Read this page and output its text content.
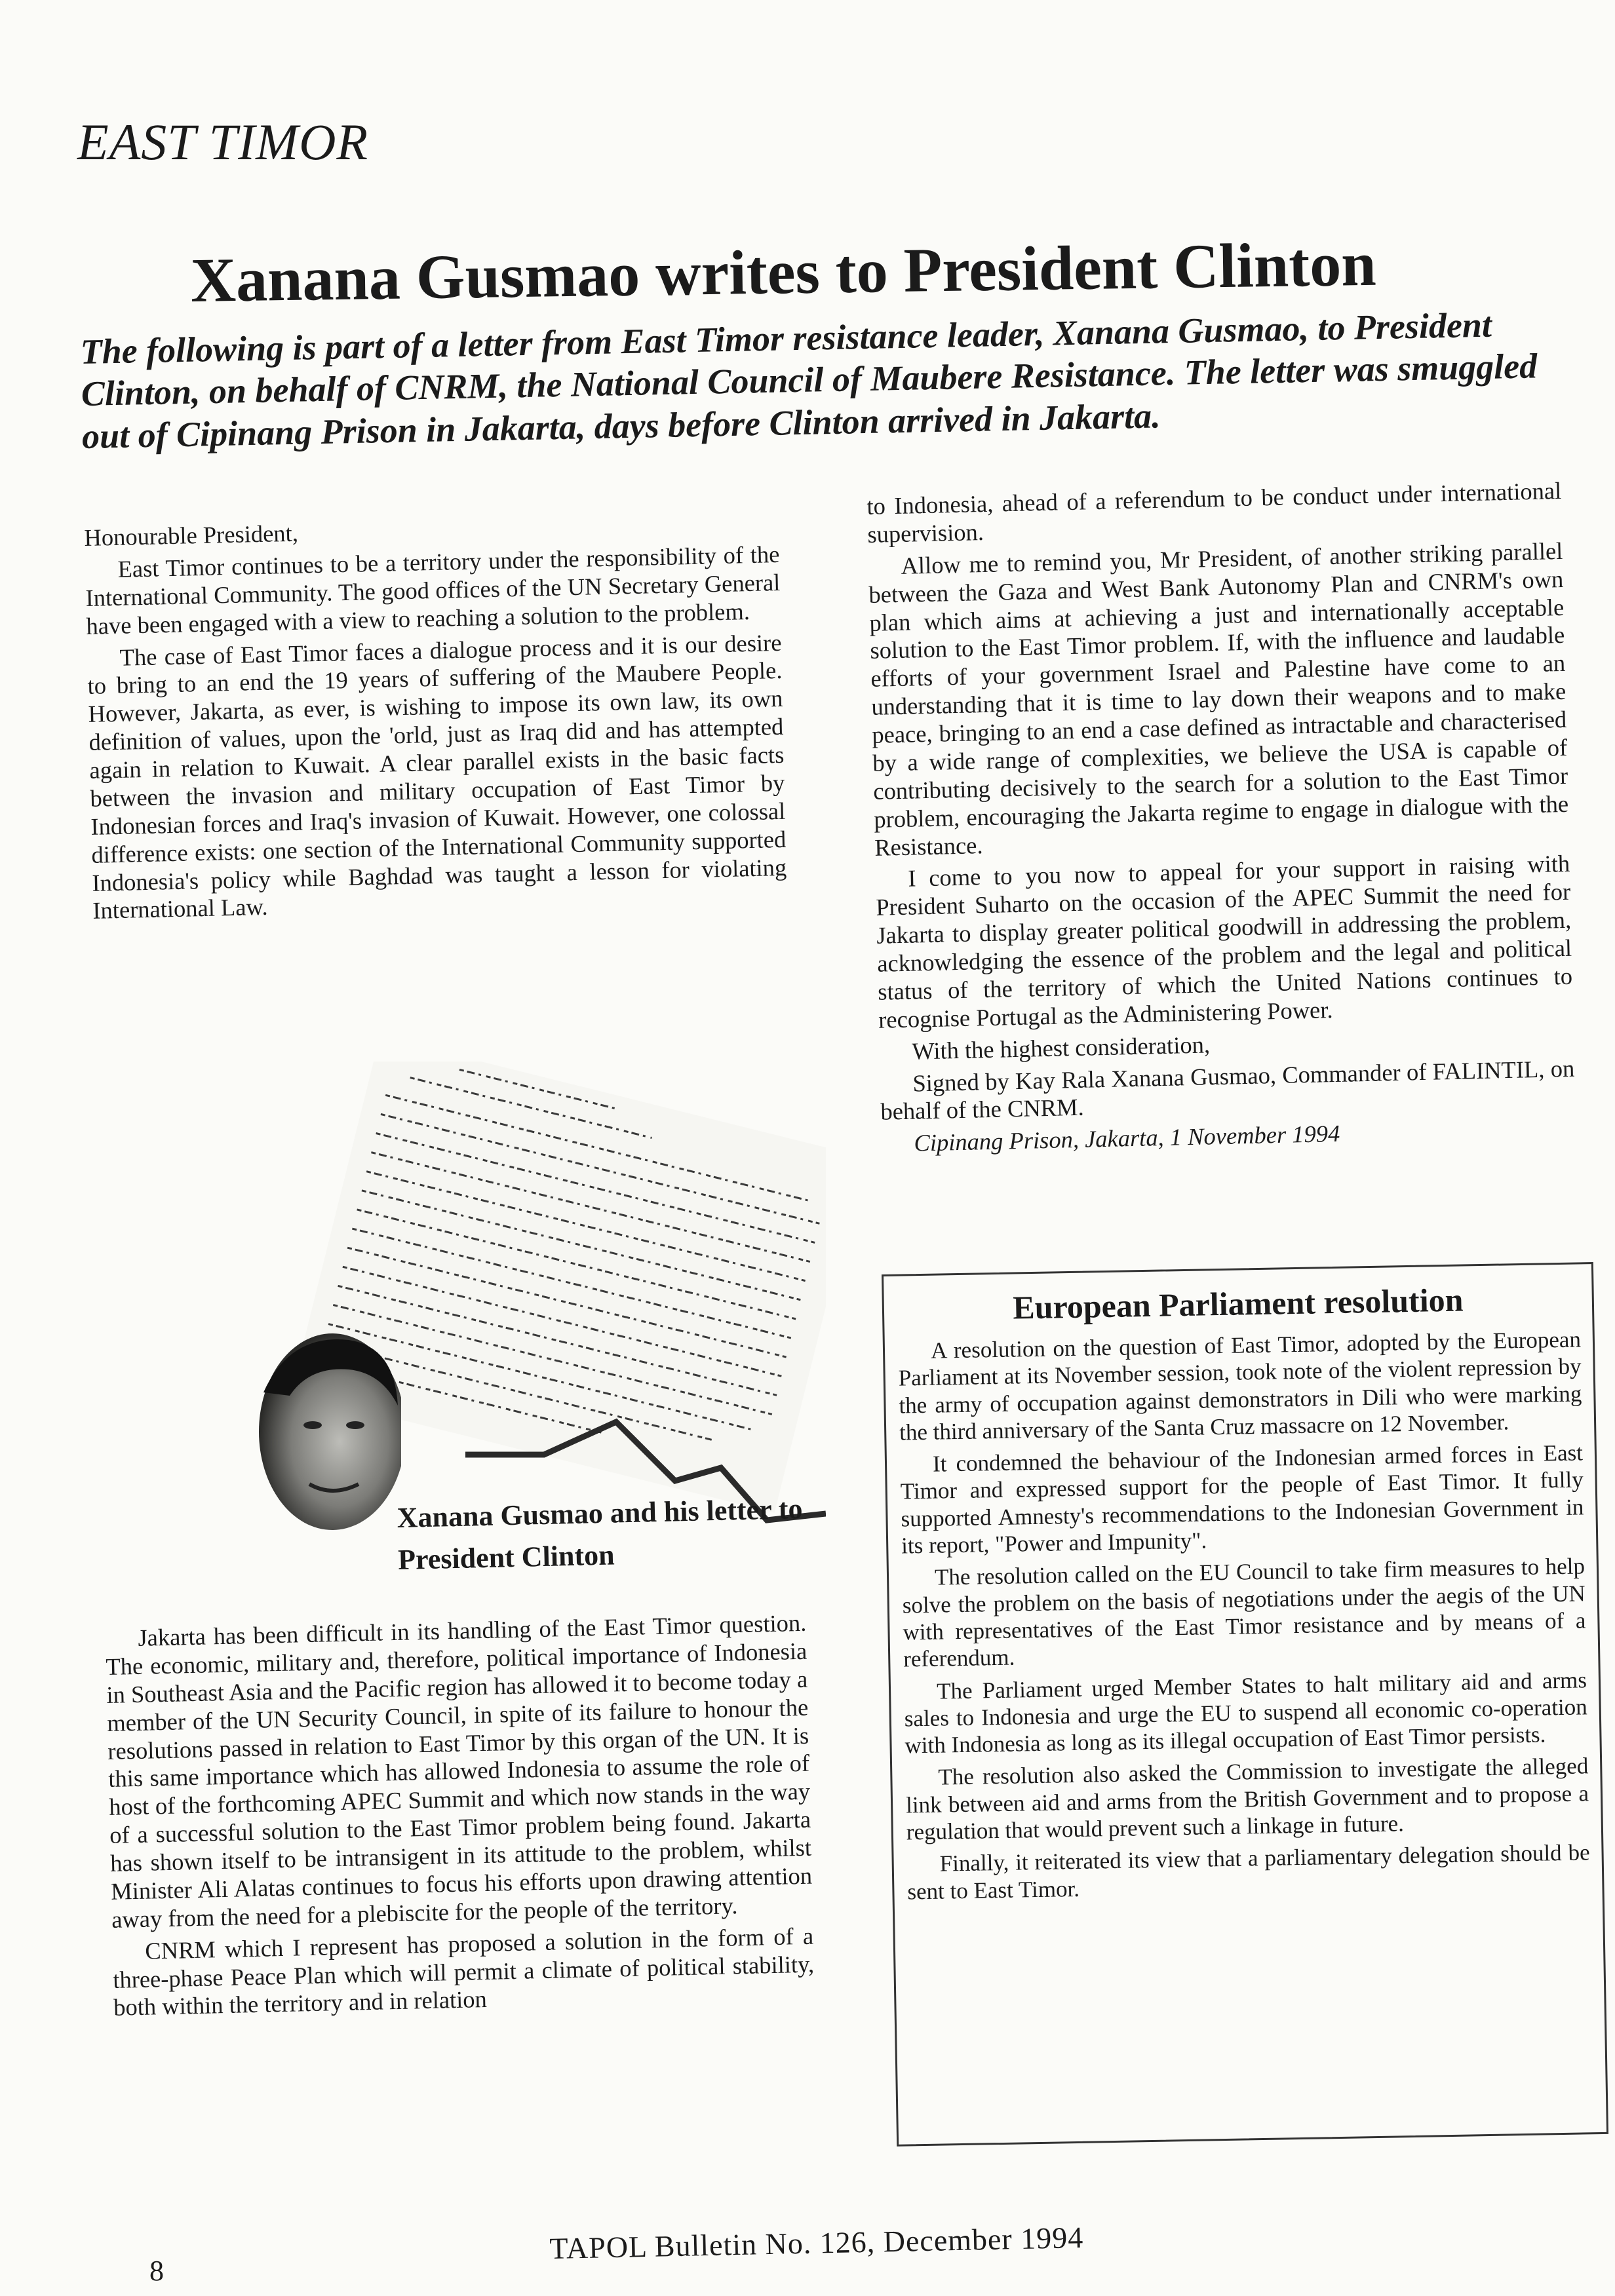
EAST TIMOR
Xanana Gusmao writes to President Clinton
The following is part of a letter from East Timor resistance leader, Xanana Gusmao, to President Clinton, on behalf of CNRM, the National Council of Maubere Resistance. The letter was smuggled out of Cipinang Prison in Jakarta, days before Clinton arrived in Jakarta.

Honourable President,

East Timor continues to be a territory under the responsibility of the International Community. The good offices of the UN Secretary General have been engaged with a view to reaching a solution to the problem.

The case of East Timor faces a dialogue process and it is our desire to bring to an end the 19 years of suffering of the Maubere People. However, Jakarta, as ever, is wishing to impose its own law, its own definition of values, upon the 'orld, just as Iraq did and has attempted again in relation to Kuwait. A clear parallel exists in the basic facts between the invasion and military occupation of East Timor by Indonesian forces and Iraq's invasion of Kuwait. However, one colossal difference exists: one section of the International Community supported Indonesia's policy while Baghdad was taught a lesson for violating International Law.

Xanana Gusmao and his letter to President Clinton

Jakarta has been difficult in its handling of the East Timor question. The economic, military and, therefore, political importance of Indonesia in Southeast Asia and the Pacific region has allowed it to become today a member of the UN Security Council, in spite of its failure to honour the resolutions passed in relation to East Timor by this organ of the UN. It is this same importance which has allowed Indonesia to assume the role of host of the forthcoming APEC Summit and which now stands in the way of a successful solution to the East Timor problem being found. Jakarta has shown itself to be intransigent in its attitude to the problem, whilst Minister Ali Alatas continues to focus his efforts upon drawing attention away from the need for a plebiscite for the people of the territory.

CNRM which I represent has proposed a solution in the form of a three-phase Peace Plan which will permit a climate of political stability, both within the territory and in relation

to Indonesia, ahead of a referendum to be conduct under international supervision.

Allow me to remind you, Mr President, of another striking parallel between the Gaza and West Bank Autonomy Plan and CNRM's own plan which aims at achieving a just and internationally acceptable solution to the East Timor problem. If, with the influence and laudable efforts of your government Israel and Palestine have come to an understanding that it is time to lay down their weapons and to make peace, bringing to an end a case defined as intractable and characterised by a wide range of complexities, we believe the USA is capable of contributing decisively to the search for a solution to the East Timor problem, encouraging the Jakarta regime to engage in dialogue with the Resistance.

I come to you now to appeal for your support in raising with President Suharto on the occasion of the APEC Summit the need for Jakarta to display greater political goodwill in addressing the problem, acknowledging the essence of the problem and the legal and political status of the territory of which the United Nations continues to recognise Portugal as the Administering Power.

With the highest consideration,

Signed by Kay Rala Xanana Gusmao, Commander of FALINTIL, on behalf of the CNRM.

Cipinang Prison, Jakarta, 1 November 1994

European Parliament resolution

A resolution on the question of East Timor, adopted by the European Parliament at its November session, took note of the violent repression by the army of occupation against demonstrators in Dili who were marking the third anniversary of the Santa Cruz massacre on 12 November.

It condemned the behaviour of the Indonesian armed forces in East Timor and expressed support for the people of East Timor. It fully supported Amnesty's recommendations to the Indonesian Government in its report, "Power and Impunity".

The resolution called on the EU Council to take firm measures to help solve the problem on the basis of negotiations under the aegis of the UN with representatives of the East Timor resistance and by means of a referendum.

The Parliament urged Member States to halt military aid and arms sales to Indonesia and urge the EU to suspend all economic co-operation with Indonesia as long as its illegal occupation of East Timor persists.

The resolution also asked the Commission to investigate the alleged link between aid and arms from the British Government and to propose a regulation that would prevent such a linkage in future.

Finally, it reiterated its view that a parliamentary delegation should be sent to East Timor.

8
TAPOL Bulletin No. 126, December 1994
